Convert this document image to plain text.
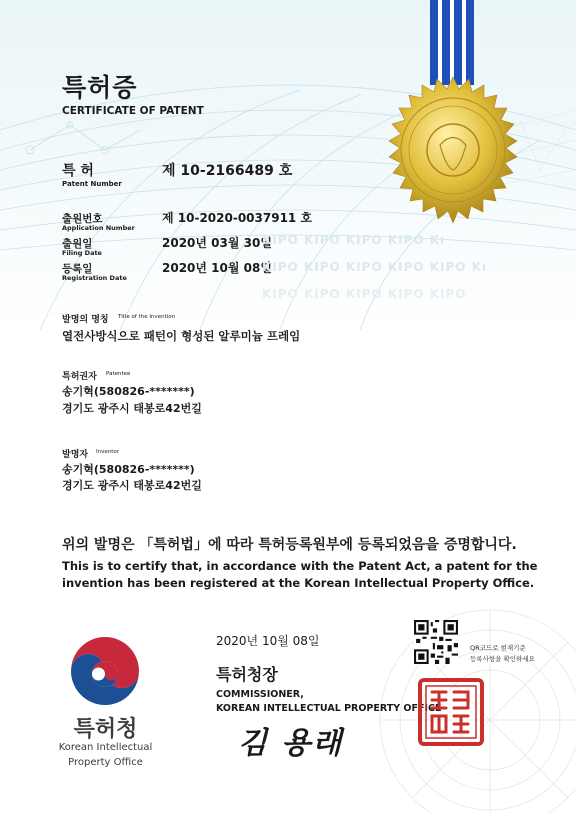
특허증
CERTIFICATE OF PATENT
특 허
Patent Number
제 10-2166489 호
출원번호
Application Number
제 10-2020-0037911 호
출원일
Filing Date
2020년 03월 30일
등록일
Registration Date
2020년 10월 08일
KIPO KIPO KIPO KIPO Kı
KIPO KIPO KIPO KIPO KIPO Kı
KIPO KIPO KIPO KIPO KIPO
발명의 명칭 Title of the Invention
열전사방식으로 패턴이 형성된 알루미늄 프레임
특허권자 Patentee
송기혁(580826-*******)
경기도 광주시 태봉로42번길
발명자 Inventor
송기혁(580826-*******)
경기도 광주시 태봉로42번길
위의 발명은 「특허법」에 따라 특허등록원부에 등록되었음을 증명합니다.
This is to certify that, in accordance with the Patent Act, a patent for the
invention has been registered at the Korean Intellectual Property Office.
2020년 10월 08일	QR코드로 현재기준
등록사항을 확인하세요
특허청장
COMMISSIONER,
KOREAN INTELLECTUAL PROPERTY OFFICE
김 용래
특허청
Korean Intellectual
Property Office
